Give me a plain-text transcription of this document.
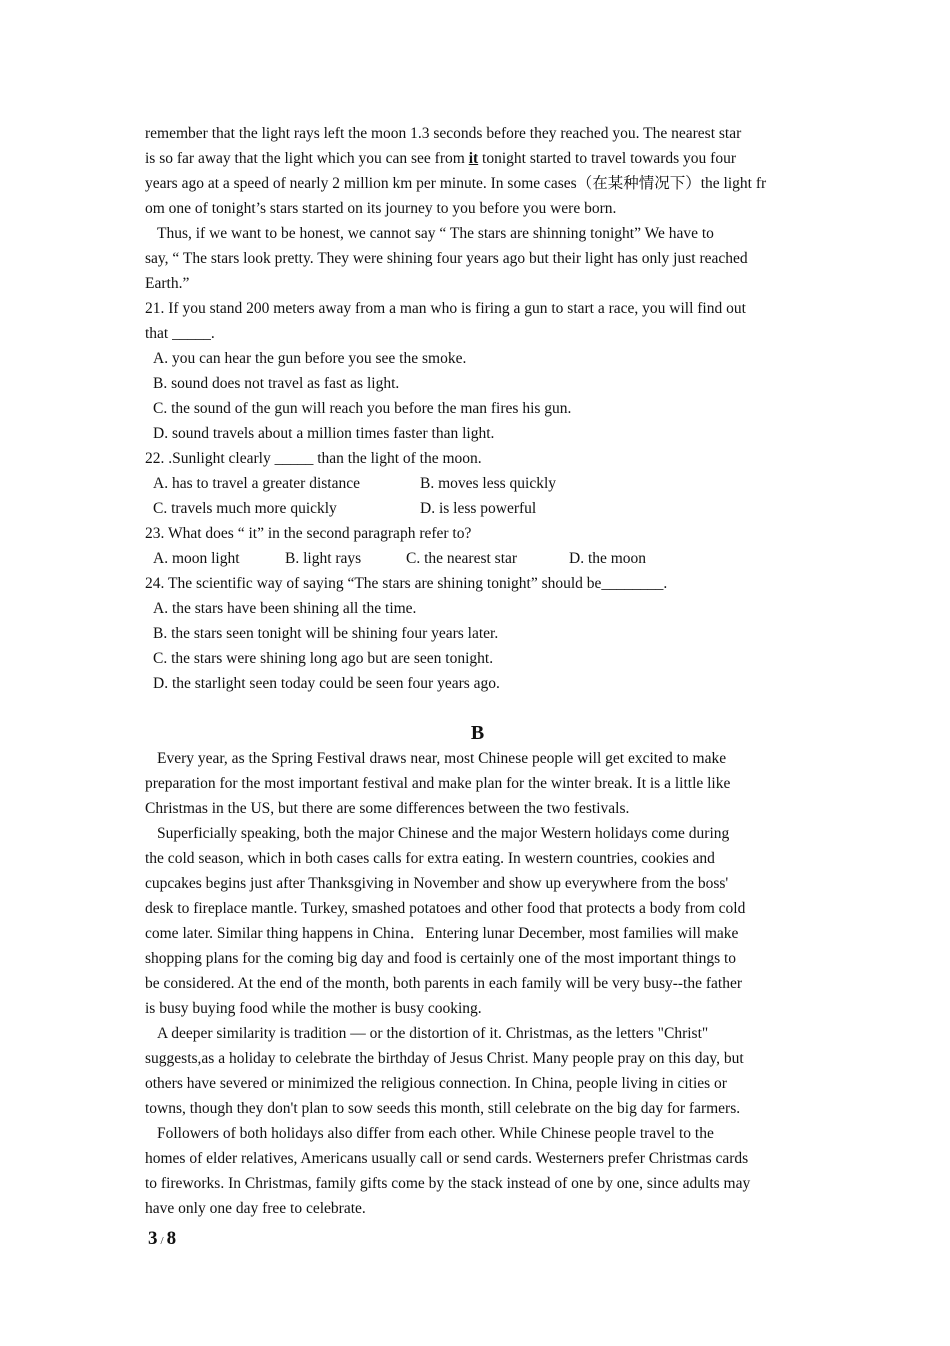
remember that the light rays left the moon 1.3 seconds before they reached you. The nearest star
is so far away that the light which you can see from it tonight started to travel towards you four
years ago at a speed of nearly 2 million km per minute. In some cases（在某种情况下）the light fr
om one of tonight’s stars started on its journey to you before you were born.
Thus, if we want to be honest, we cannot say “ The stars are shinning tonight” We have to
say, “ The stars look pretty. They were shining four years ago but their light has only just reached
Earth.”
21. If you stand 200 meters away from a man who is firing a gun to start a race, you will find out
that _____.
A. you can hear the gun before you see the smoke.
B. sound does not travel as fast as light.
C. the sound of the gun will reach you before the man fires his gun.
D. sound travels about a million times faster than light.
22. .Sunlight clearly _____ than the light of the moon.
A. has to travel a greater distance	B. moves less quickly
C. travels much more quickly	D. is less powerful
23. What does “ it” in the second paragraph refer to?
A. moon light	B. light rays	C. the nearest star	D. the moon
24. The scientific way of saying “The stars are shining tonight” should be________.
A. the stars have been shining all the time.
B. the stars seen tonight will be shining four years later.
C. the stars were shining long ago but are seen tonight.
D. the starlight seen today could be seen four years ago.
B
Every year, as the Spring Festival draws near, most Chinese people will get excited to make
preparation for the most important festival and make plan for the winter break. It is a little like
Christmas in the US, but there are some differences between the two festivals.
Superficially speaking, both the major Chinese and the major Western holidays come during
the cold season, which in both cases calls for extra eating. In western countries, cookies and
cupcakes begins just after Thanksgiving in November and show up everywhere from the boss'
desk to fireplace mantle. Turkey, smashed potatoes and other food that protects a body from cold
come later. Similar thing happens in China．Entering lunar December, most families will make
shopping plans for the coming big day and food is certainly one of the most important things to
be considered. At the end of the month, both parents in each family will be very busy--the father
is busy buying food while the mother is busy cooking.
A deeper similarity is tradition — or the distortion of it. Christmas, as the letters "Christ"
suggests,as a holiday to celebrate the birthday of Jesus Christ. Many people pray on this day, but
others have severed or minimized the religious connection. In China, people living in cities or
towns, though they don't plan to sow seeds this month, still celebrate on the big day for farmers.
Followers of both holidays also differ from each other. While Chinese people travel to the
homes of elder relatives, Americans usually call or send cards. Westerners prefer Christmas cards
to fireworks. In Christmas, family gifts come by the stack instead of one by one, since adults may
have only one day free to celebrate.
3 / 8
